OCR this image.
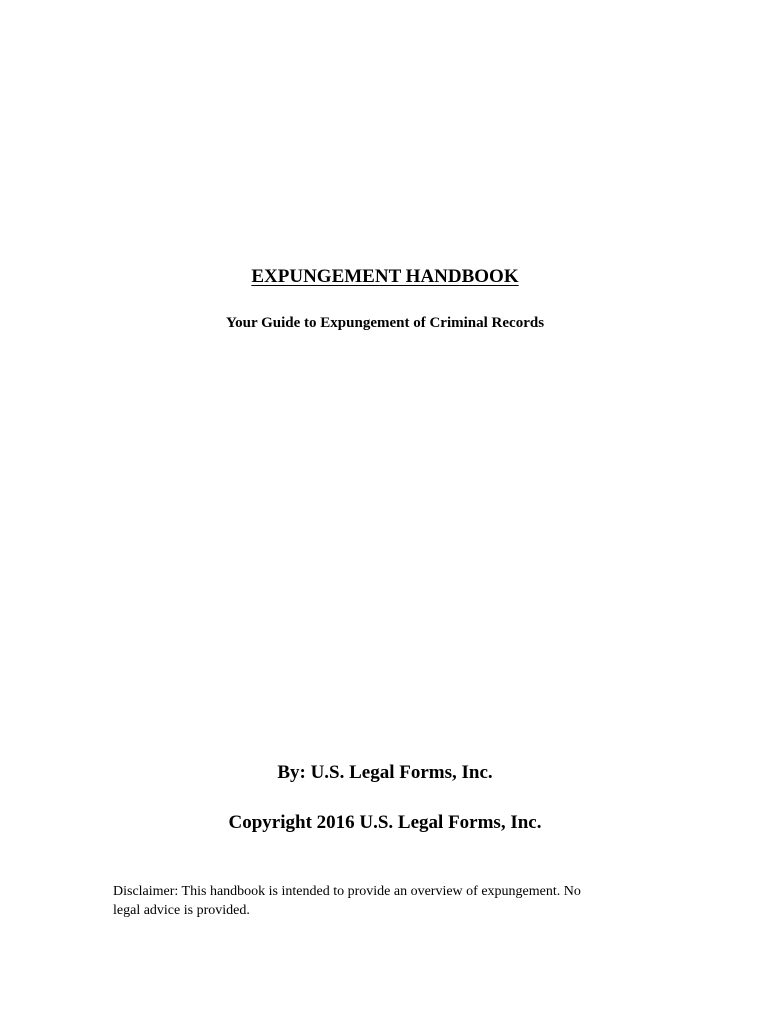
EXPUNGEMENT HANDBOOK
Your Guide to Expungement of Criminal Records
By: U.S. Legal Forms, Inc.
Copyright 2016 U.S. Legal Forms, Inc.
Disclaimer: This handbook is intended to provide an overview of expungement. No
legal advice is provided.
